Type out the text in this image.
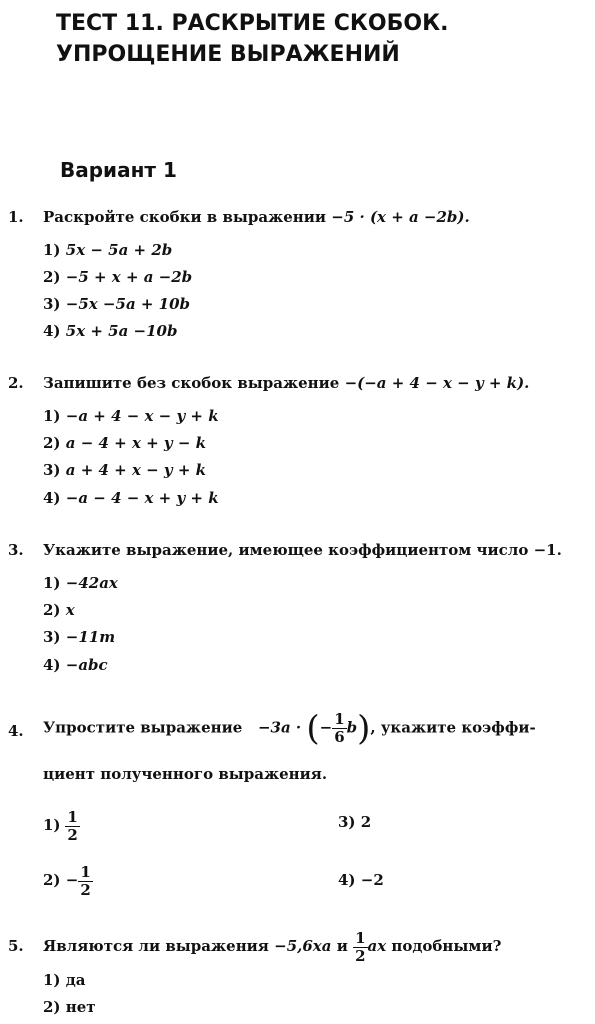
ТЕСТ 11. РАСКРЫТИЕ СКОБОК.
УПРОЩЕНИЕ ВЫРАЖЕНИЙ
Вариант 1
1. Раскройте скобки в выражении −5 · (x + a −2b).
1) 5x − 5a + 2b
2) −5 + x + a −2b
3) −5x −5a + 10b
4) 5x + 5a −10b
2. Запишите без скобок выражение −(−a + 4 − x − y + k).
1) −a + 4 − x − y + k
2) a − 4 + x + y − k
3) a + 4 + x − y + k
4) −a − 4 − x + y + k
3. Укажите выражение, имеющее коэффициентом число −1.
1) −42ax
2) x
3) −11m
4) −abc
4. Упростите выражение −3a · (− $\frac{1}{6} b$), укажите коэффи-
циент полученного выражения.
$1) \frac{1}{2}$	3) 2
$2) - \frac{1}{2}$	4) −2
5. Являются ли выражения −5,6xa и $\frac{1}{2}$ ax подобными?
1) да
2) нет
